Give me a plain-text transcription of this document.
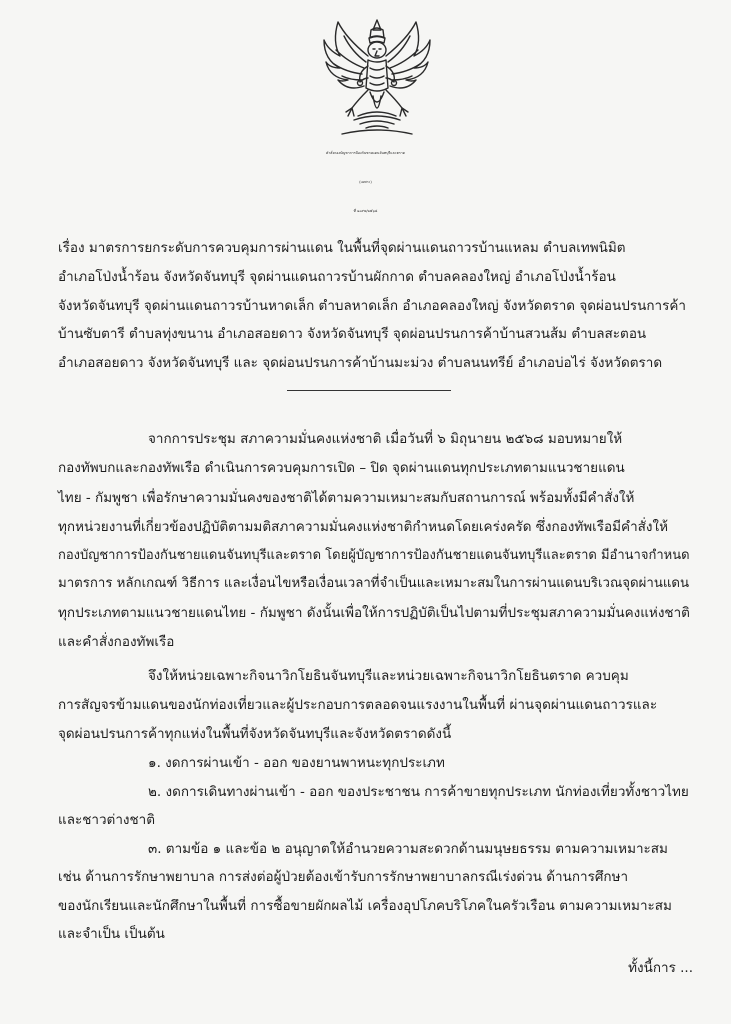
คำสั่งกองบัญชาการป้องกันชายแดนจันทบุรีและตราด
(เฉพาะ)
ที่ ๑๐๙๒/๒๕๖๘
เรื่อง มาตรการยกระดับการควบคุมการผ่านแดน ในพื้นที่จุดผ่านแดนถาวรบ้านแหลม ตำบลเทพนิมิต
อำเภอโป่งน้ำร้อน จังหวัดจันทบุรี จุดผ่านแดนถาวรบ้านผักกาด ตำบลคลองใหญ่ อำเภอโป่งน้ำร้อน
จังหวัดจันทบุรี จุดผ่านแดนถาวรบ้านหาดเล็ก ตำบลหาดเล็ก อำเภอคลองใหญ่ จังหวัดตราด จุดผ่อนปรนการค้า
บ้านซับตารี ตำบลทุ่งขนาน อำเภอสอยดาว จังหวัดจันทบุรี จุดผ่อนปรนการค้าบ้านสวนส้ม ตำบลสะตอน
อำเภอสอยดาว จังหวัดจันทบุรี และ จุดผ่อนปรนการค้าบ้านมะม่วง ตำบลนนทรีย์ อำเภอบ่อไร่ จังหวัดตราด
จากการประชุม สภาความมั่นคงแห่งชาติ เมื่อวันที่ ๖ มิถุนายน ๒๕๖๘ มอบหมายให้
กองทัพบกและกองทัพเรือ ดำเนินการควบคุมการเปิด – ปิด จุดผ่านแดนทุกประเภทตามแนวชายแดน
ไทย - กัมพูชา เพื่อรักษาความมั่นคงของชาติได้ตามความเหมาะสมกับสถานการณ์ พร้อมทั้งมีคำสั่งให้
ทุกหน่วยงานที่เกี่ยวข้องปฏิบัติตามมติสภาความมั่นคงแห่งชาติกำหนดโดยเคร่งครัด ซึ่งกองทัพเรือมีคำสั่งให้
กองบัญชาการป้องกันชายแดนจันทบุรีและตราด โดยผู้บัญชาการป้องกันชายแดนจันทบุรีและตราด มีอำนาจกำหนด
มาตรการ หลักเกณฑ์ วิธีการ และเงื่อนไขหรือเงื่อนเวลาที่จำเป็นและเหมาะสมในการผ่านแดนบริเวณจุดผ่านแดน
ทุกประเภทตามแนวชายแดนไทย - กัมพูชา ดังนั้นเพื่อให้การปฏิบัติเป็นไปตามที่ประชุมสภาความมั่นคงแห่งชาติ
และคำสั่งกองทัพเรือ
จึงให้หน่วยเฉพาะกิจนาวิกโยธินจันทบุรีและหน่วยเฉพาะกิจนาวิกโยธินตราด ควบคุม
การสัญจรข้ามแดนของนักท่องเที่ยวและผู้ประกอบการตลอดจนแรงงานในพื้นที่ ผ่านจุดผ่านแดนถาวรและ
จุดผ่อนปรนการค้าทุกแห่งในพื้นที่จังหวัดจันทบุรีและจังหวัดตราดดังนี้
๑. งดการผ่านเข้า - ออก ของยานพาหนะทุกประเภท
๒. งดการเดินทางผ่านเข้า - ออก ของประชาชน การค้าขายทุกประเภท นักท่องเที่ยวทั้งชาวไทย
และชาวต่างชาติ
๓. ตามข้อ ๑ และข้อ ๒ อนุญาตให้อำนวยความสะดวกด้านมนุษยธรรม ตามความเหมาะสม
เช่น ด้านการรักษาพยาบาล การส่งต่อผู้ป่วยต้องเข้ารับการรักษาพยาบาลกรณีเร่งด่วน ด้านการศึกษา
ของนักเรียนและนักศึกษาในพื้นที่ การซื้อขายผักผลไม้ เครื่องอุปโภคบริโภคในครัวเรือน ตามความเหมาะสม
และจำเป็น เป็นต้น
ทั้งนี้การ ...
